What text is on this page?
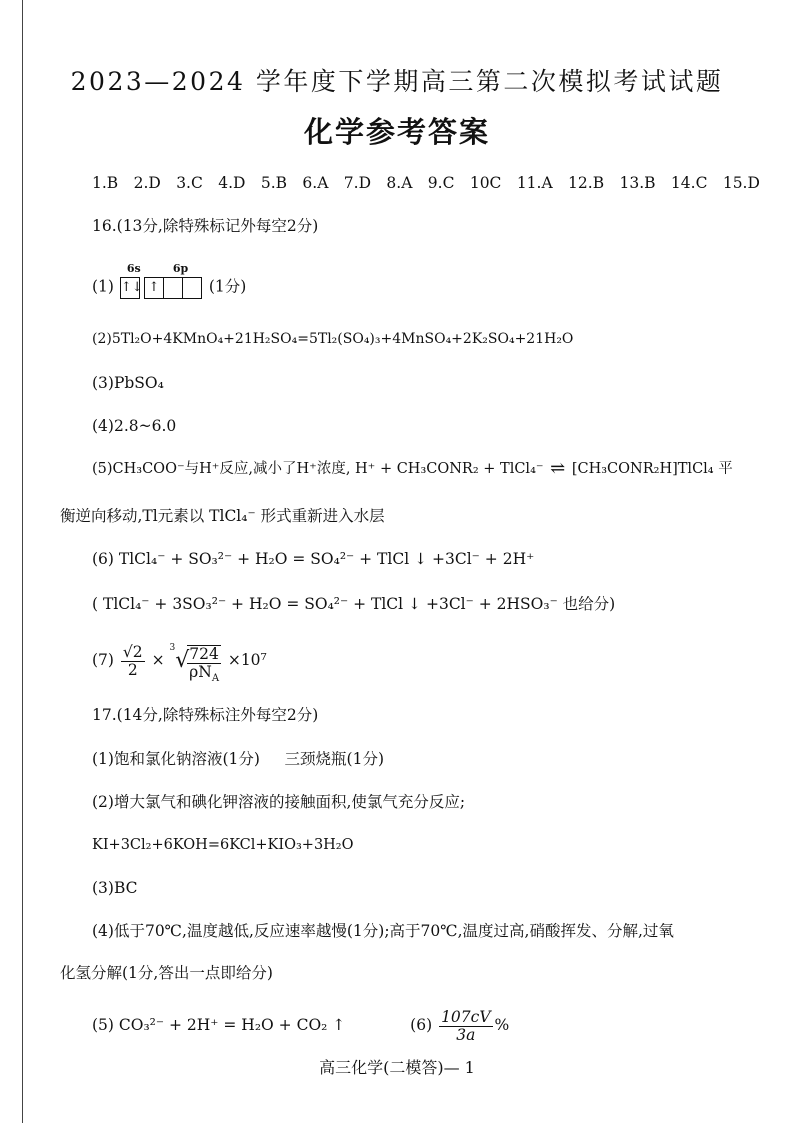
2023—2024 学年度下学期高三第二次模拟考试试题
化学参考答案
1.B 2.D 3.C 4.D 5.B 6.A 7.D 8.A 9.C 10C 11.A 12.B 13.B 14.C 15.D
16.(13分,除特殊标记外每空2分)
(1)
6s	6p
↑↓ ↑	(1分)
(2)5Tl₂O+4KMnO₄+21H₂SO₄=5Tl₂(SO₄)₃+4MnSO₄+2K₂SO₄+21H₂O
(3)PbSO₄
(4)2.8~6.0
(5)CH₃COO⁻与H⁺反应,减小了H⁺浓度, H⁺ + CH₃CONR₂ + TlCl₄⁻ ⇌ [CH₃CONR₂H]TlCl₄ 平
衡逆向移动,Tl元素以 TlCl₄⁻ 形式重新进入水层
(6) TlCl₄⁻ + SO₃²⁻ + H₂O = SO₄²⁻ + TlCl ↓ +3Cl⁻ + 2H⁺
( TlCl₄⁻ + 3SO₃²⁻ + H₂O = SO₄²⁻ + TlCl ↓ +3Cl⁻ + 2HSO₃⁻ 也给分)
$(7) \frac{√2}{2} \times ^3√$
$\frac{724}{\rho N_A} \times 10^7$
17.(14分,除特殊标注外每空2分)
(1)饱和氯化钠溶液(1分)     三颈烧瓶(1分)
(2)增大氯气和碘化钾溶液的接触面积,使氯气充分反应;
KI+3Cl₂+6KOH=6KCl+KIO₃+3H₂O
(3)BC
(4)低于70℃,温度越低,反应速率越慢(1分);高于70℃,温度过高,硝酸挥发、分解,过氧
化氢分解(1分,答出一点即给分)
(5) CO₃²⁻ + 2H⁺ = H₂O + CO₂ ↑	$(6) \frac{107cV}{3a}$ %
高三化学(二模答)— 1
